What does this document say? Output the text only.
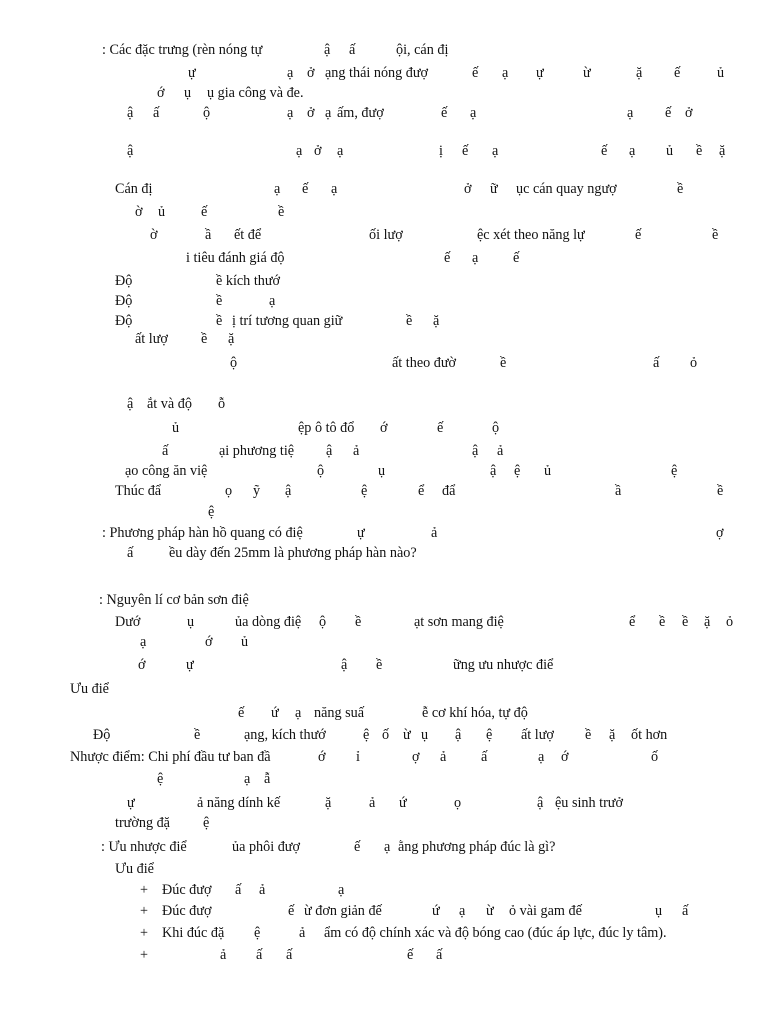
: Các đặc trưng (rèn nóng tự	ậ ấ	ội, cán đị
ự	ạ ở ạng thái nóng đượ	ế ạ ự	ừ	ặ ế	ủ
ớ ụ ụ gia công và đe.
ậ ấ	ộ	ạ ở ạ ấm, đượ	ế ạ	ạ ế ở
ậ	ạ ở ạ	ị ế ạ	ế ạ ủ ề ặ
Cán đị	ạ ế ạ	ở ữ ục cán quay ngượ	ề
ờ ủ	ế	ề
ờ	ầ ết để	ối lượ	ệc xét theo năng lự	ế	ề
i tiêu đánh giá độ	ế ạ ế
Độ	ề kích thướ
Độ	ề	ạ
Độ	ề ị trí tương quan giữ	ề ặ
ất lượ ề ặ
ộ	ất theo đườ	ề	ấ ỏ
ậ ắt và độ ỗ
ủ	ệp ô tô đổ ớ	ế	ộ
ấ	ại phương tiệ ậ ả	ậ ả
ạo công ăn việ	ộ	ụ	ậ ệ ủ	ệ
Thúc đẩ	ọ ỹ ậ	ệ	ể đẩ	ầ	ề
ệ
: Phương pháp hàn hồ quang có điệ	ự	ả	ợ
ấ	ều dày đến 25mm là phương pháp hàn nào?
: Nguyên lí cơ bản sơn điệ
Dướ	ụ	ủa dòng điệ ộ ề	ạt sơn mang điệ	ể ề ề ặ ỏ
ạ	ớ ủ
ớ	ự	ậ ề	ững ưu nhược điể
Ưu điể
ế ứ ạ năng suấ	ễ cơ khí hóa, tự độ
Độ	ề	ạng, kích thướ	ệ ố ừ ụ ậ ệ ất lượ ề ặ ốt hơn
Nhược điểm: Chi phí đầu tư ban đầ	ớ ỉ	ợ ả ấ	ạ ớ	ố
ệ	ạ ẫ
ự	ả năng dính kế	ặ	ả ứ	ọ	ậ ệu sinh trưở
trường đặ ệ
: Ưu nhược điể	ủa phôi đượ	ế ạ ằng phương pháp đúc là gì?
Ưu điể
+ Đúc đượ ấ ả	ạ
+ Đúc đượ	ế ừ đơn giản đế	ứ ạ ừ ỏ vài gam đế	ụ ấ
+ Khi đúc đặ ệ	ả ẩm có độ chính xác và độ bóng cao (đúc áp lực, đúc ly tâm).
+	ả ấ ấ	ế ấ
